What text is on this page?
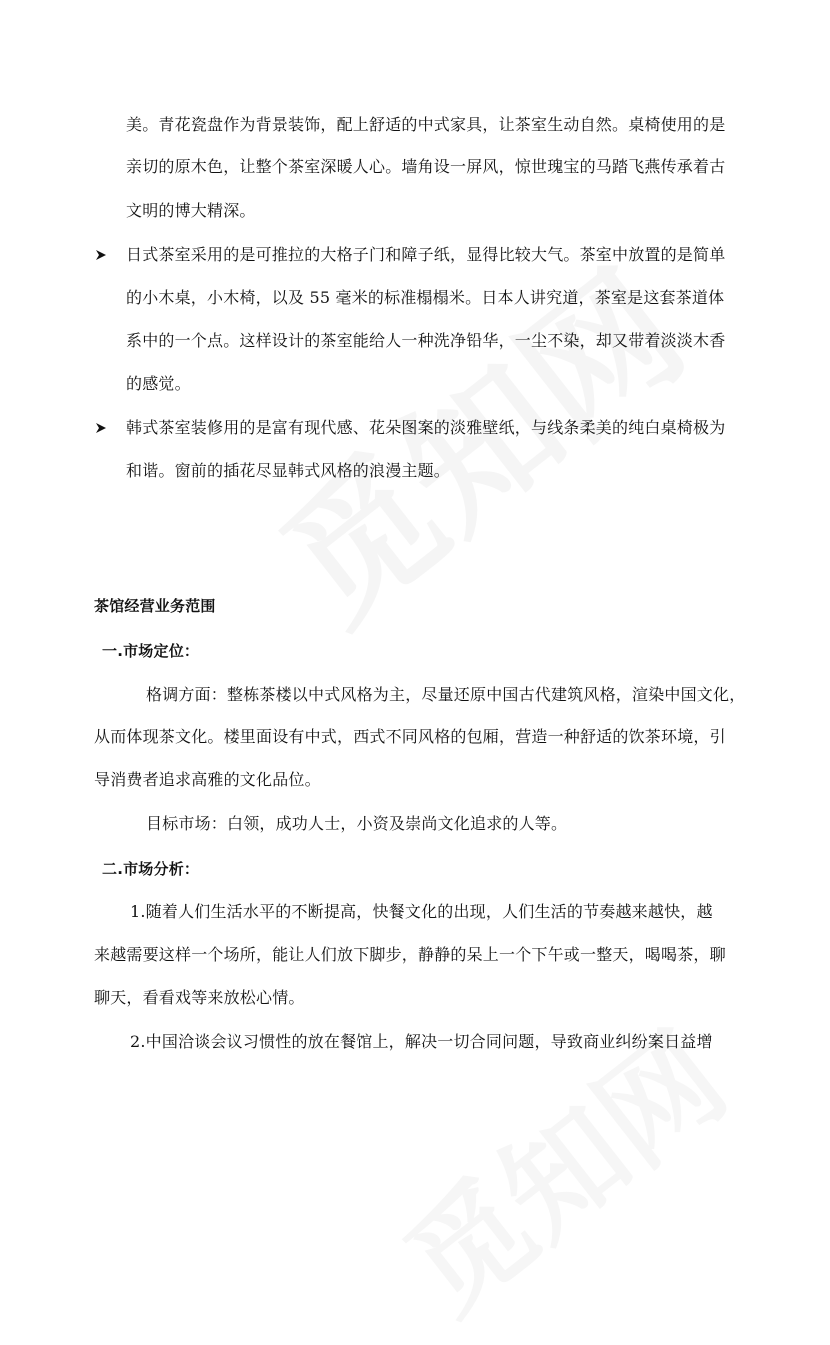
美。青花瓷盘作为背景装饰，配上舒适的中式家具，让茶室生动自然。桌椅使用的是
亲切的原木色，让整个茶室深暖人心。墙角设一屏风，惊世瑰宝的马踏飞燕传承着古
文明的博大精深。
日式茶室采用的是可推拉的大格子门和障子纸，显得比较大气。茶室中放置的是简单
的小木桌，小木椅，以及 55 毫米的标准榻榻米。日本人讲究道，茶室是这套茶道体
系中的一个点。这样设计的茶室能给人一种洗净铅华，一尘不染，却又带着淡淡木香
的感觉。
韩式茶室装修用的是富有现代感、花朵图案的淡雅壁纸，与线条柔美的纯白桌椅极为
和谐。窗前的插花尽显韩式风格的浪漫主题。
茶馆经营业务范围
一.市场定位：
格调方面：整栋茶楼以中式风格为主，尽量还原中国古代建筑风格，渲染中国文化，
从而体现茶文化。楼里面设有中式，西式不同风格的包厢，营造一种舒适的饮茶环境，引
导消费者追求高雅的文化品位。
目标市场：白领，成功人士，小资及崇尚文化追求的人等。
二.市场分析：
1.随着人们生活水平的不断提高，快餐文化的出现，人们生活的节奏越来越快，越
来越需要这样一个场所，能让人们放下脚步，静静的呆上一个下午或一整天，喝喝茶，聊
聊天，看看戏等来放松心情。
2.中国洽谈会议习惯性的放在餐馆上，解决一切合同问题，导致商业纠纷案日益增
